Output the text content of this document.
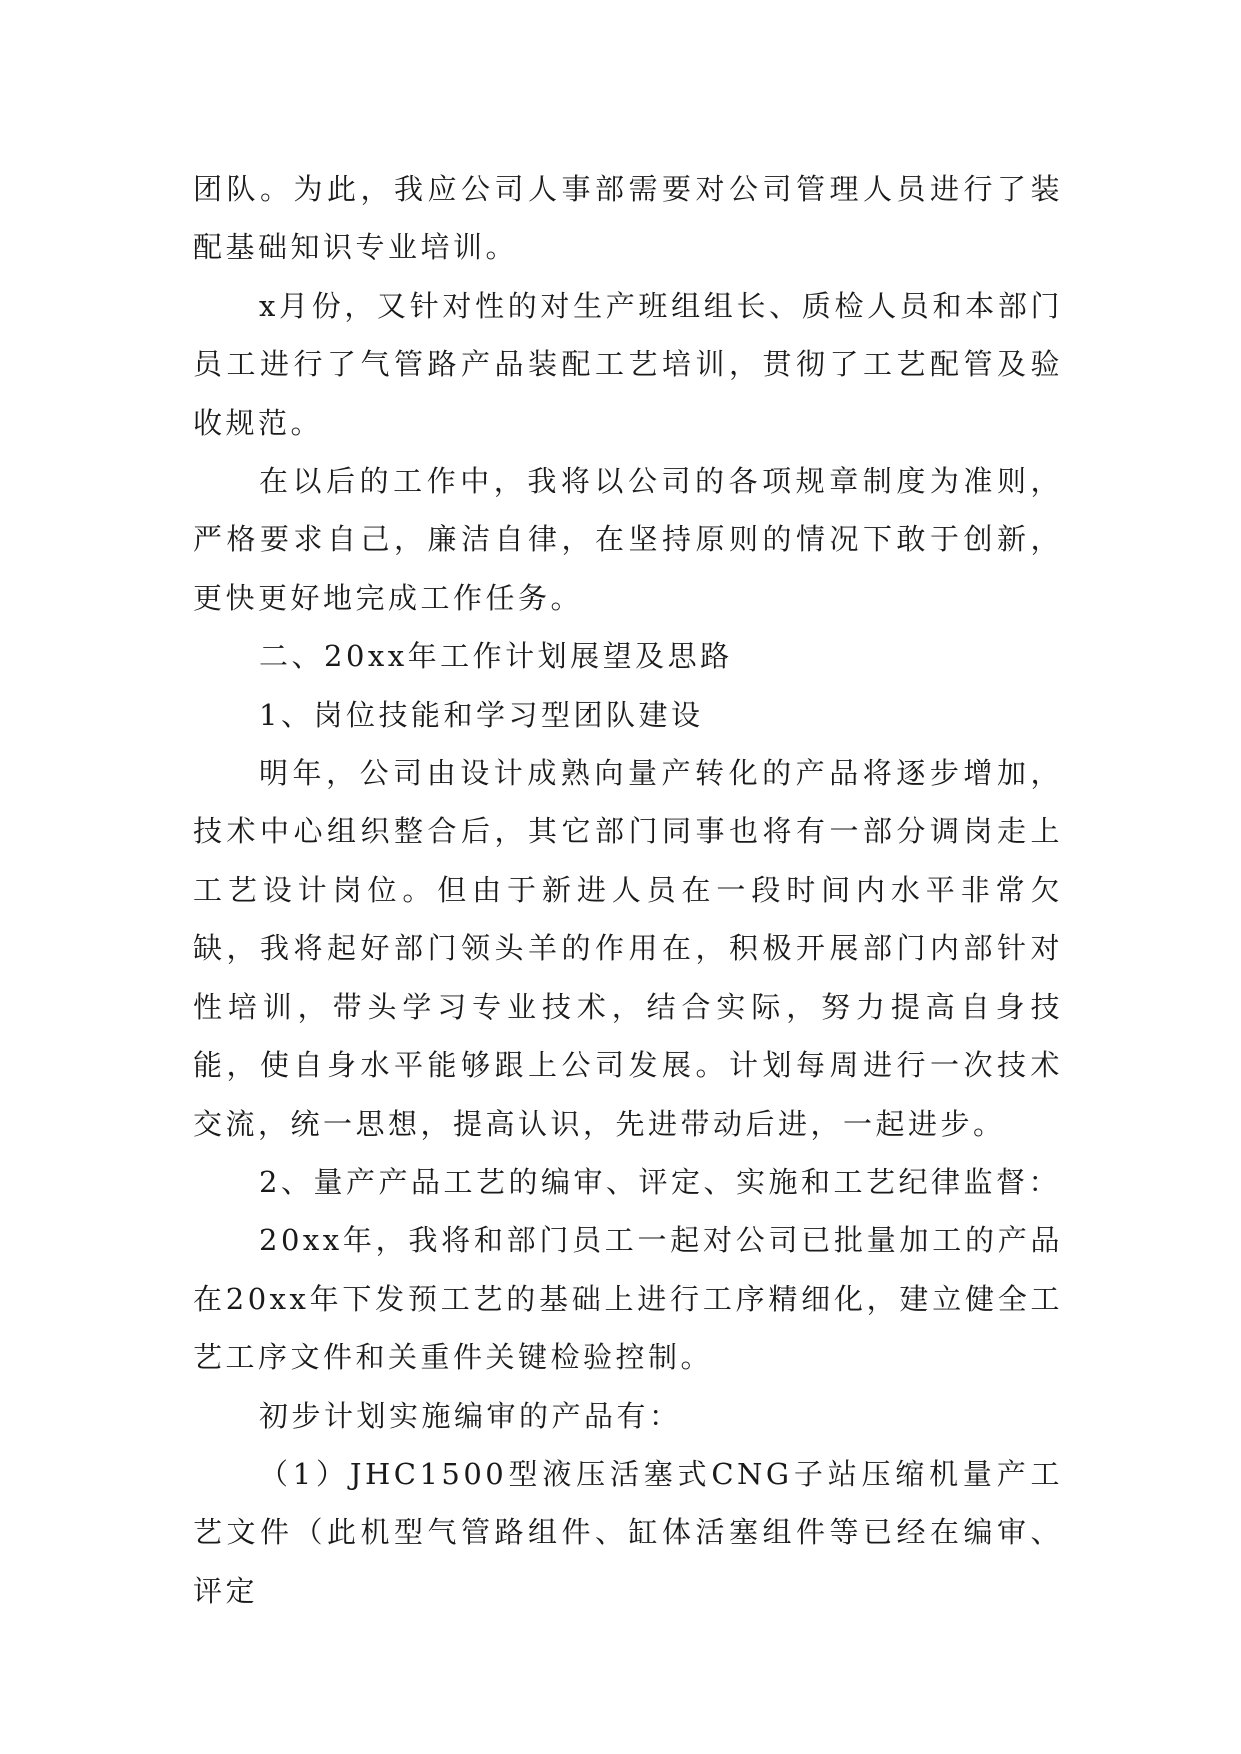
团队。为此，我应公司人事部需要对公司管理人员进行了装配基础知识专业培训。

x月份，又针对性的对生产班组组长、质检人员和本部门员工进行了气管路产品装配工艺培训，贯彻了工艺配管及验收规范。

在以后的工作中，我将以公司的各项规章制度为准则，严格要求自己，廉洁自律，在坚持原则的情况下敢于创新，更快更好地完成工作任务。

二、20xx年工作计划展望及思路

1、岗位技能和学习型团队建设

明年，公司由设计成熟向量产转化的产品将逐步增加，技术中心组织整合后，其它部门同事也将有一部分调岗走上工艺设计岗位。但由于新进人员在一段时间内水平非常欠缺，我将起好部门领头羊的作用在，积极开展部门内部针对性培训，带头学习专业技术，结合实际，努力提高自身技能，使自身水平能够跟上公司发展。计划每周进行一次技术交流，统一思想，提高认识，先进带动后进，一起进步。

2、量产产品工艺的编审、评定、实施和工艺纪律监督：

20xx年，我将和部门员工一起对公司已批量加工的产品在20xx年下发预工艺的基础上进行工序精细化，建立健全工艺工序文件和关重件关键检验控制。

初步计划实施编审的产品有：

（1）JHC1500型液压活塞式CNG子站压缩机量产工艺文件（此机型气管路组件、缸体活塞组件等已经在编审、评定
